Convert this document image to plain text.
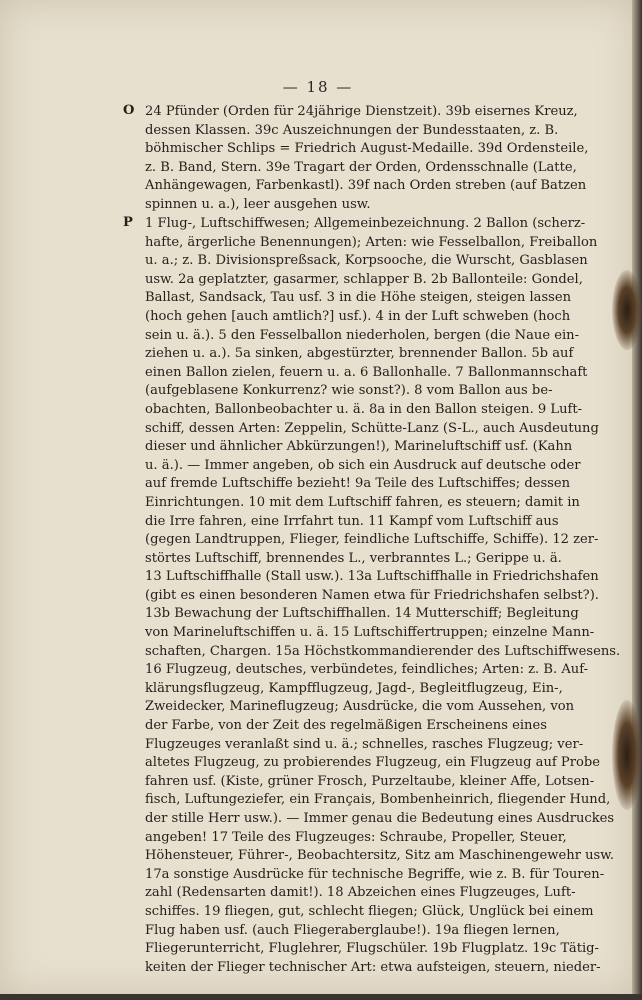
— 18 —
O 24 Pfünder (Orden für 24jährige Dienstzeit). 39b eisernes Kreuz,
dessen Klassen. 39c Auszeichnungen der Bundesstaaten, z. B.
böhmischer Schlips = Friedrich August-Medaille. 39d Ordensteile,
z. B. Band, Stern. 39e Tragart der Orden, Ordensschnalle (Latte,
Anhängewagen, Farbenkastl). 39f nach Orden streben (auf Batzen
spinnen u. a.), leer ausgehen usw.
P 1 Flug-, Luftschiffwesen; Allgemeinbezeichnung. 2 Ballon (scherz-
hafte, ärgerliche Benennungen); Arten: wie Fesselballon, Freiballon
u. a.; z. B. Divisionspreßsack, Korpsooche, die Wurscht, Gasblasen
usw. 2a geplatzter, gasarmer, schlapper B. 2b Ballonteile: Gondel,
Ballast, Sandsack, Tau usf. 3 in die Höhe steigen, steigen lassen
(hoch gehen [auch amtlich?] usf.). 4 in der Luft schweben (hoch
sein u. ä.). 5 den Fesselballon niederholen, bergen (die Naue ein-
ziehen u. a.). 5a sinken, abgestürzter, brennender Ballon. 5b auf
einen Ballon zielen, feuern u. a. 6 Ballonhalle. 7 Ballonmannschaft
(aufgeblasene Konkurrenz? wie sonst?). 8 vom Ballon aus be-
obachten, Ballonbeobachter u. ä. 8a in den Ballon steigen. 9 Luft-
schiff, dessen Arten: Zeppelin, Schütte-Lanz (S-L., auch Ausdeutung
dieser und ähnlicher Abkürzungen!), Marineluftschiff usf. (Kahn
u. ä.). — Immer angeben, ob sich ein Ausdruck auf deutsche oder
auf fremde Luftschiffe bezieht! 9a Teile des Luftschiffes; dessen
Einrichtungen. 10 mit dem Luftschiff fahren, es steuern; damit in
die Irre fahren, eine Irrfahrt tun. 11 Kampf vom Luftschiff aus
(gegen Landtruppen, Flieger, feindliche Luftschiffe, Schiffe). 12 zer-
störtes Luftschiff, brennendes L., verbranntes L.; Gerippe u. ä.
13 Luftschiffhalle (Stall usw.). 13a Luftschiffhalle in Friedrichshafen
(gibt es einen besonderen Namen etwa für Friedrichshafen selbst?).
13b Bewachung der Luftschiffhallen. 14 Mutterschiff; Begleitung
von Marineluftschiffen u. ä. 15 Luftschiffertruppen; einzelne Mann-
schaften, Chargen. 15a Höchstkommandierender des Luftschiffwesens.
16 Flugzeug, deutsches, verbündetes, feindliches; Arten: z. B. Auf-
klärungsflugzeug, Kampfflugzeug, Jagd-, Begleitflugzeug, Ein-,
Zweidecker, Marineflugzeug; Ausdrücke, die vom Aussehen, von
der Farbe, von der Zeit des regelmäßigen Erscheinens eines
Flugzeuges veranlaßt sind u. ä.; schnelles, rasches Flugzeug; ver-
altetes Flugzeug, zu probierendes Flugzeug, ein Flugzeug auf Probe
fahren usf. (Kiste, grüner Frosch, Purzeltaube, kleiner Affe, Lotsen-
fisch, Luftungeziefer, ein Français, Bombenheinrich, fliegender Hund,
der stille Herr usw.). — Immer genau die Bedeutung eines Ausdruckes
angeben! 17 Teile des Flugzeuges: Schraube, Propeller, Steuer,
Höhensteuer, Führer-, Beobachtersitz, Sitz am Maschinengewehr usw.
17a sonstige Ausdrücke für technische Begriffe, wie z. B. für Touren-
zahl (Redensarten damit!). 18 Abzeichen eines Flugzeuges, Luft-
schiffes. 19 fliegen, gut, schlecht fliegen; Glück, Unglück bei einem
Flug haben usf. (auch Fliegeraberglaube!). 19a fliegen lernen,
Fliegerunterricht, Fluglehrer, Flugschüler. 19b Flugplatz. 19c Tätig-
keiten der Flieger technischer Art: etwa aufsteigen, steuern, nieder-
